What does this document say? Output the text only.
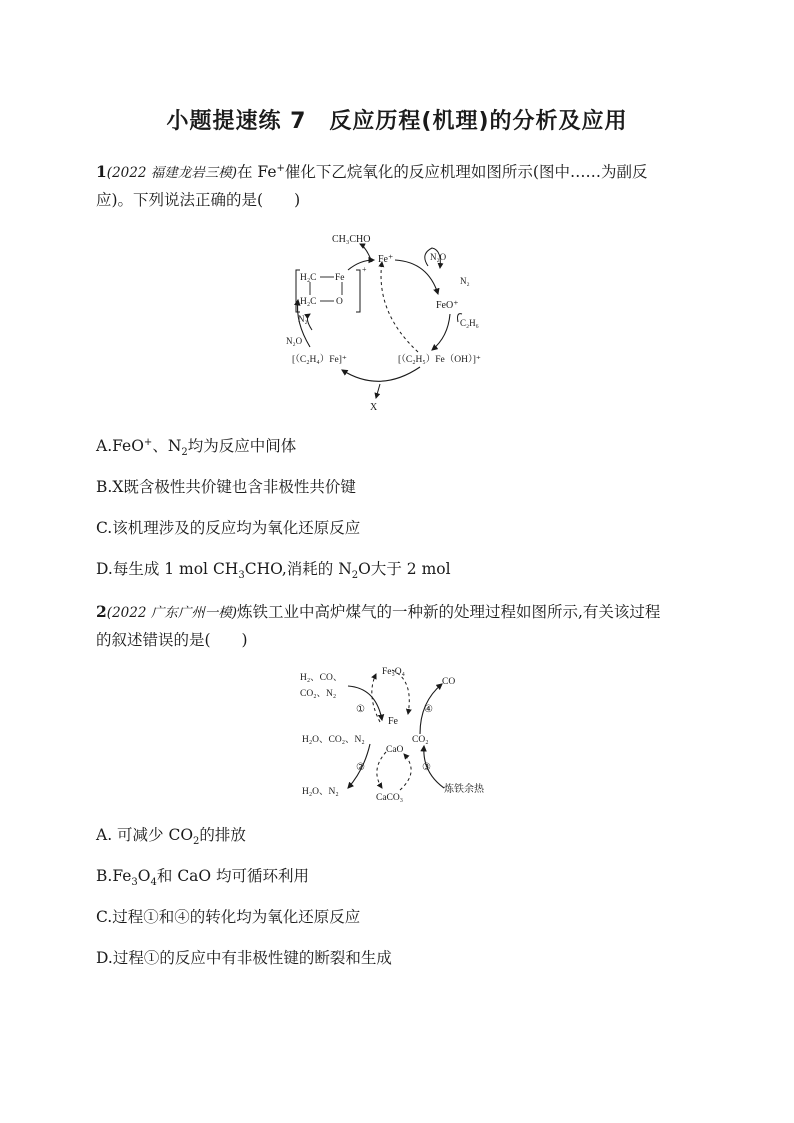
小题提速练 7　反应历程(机理)的分析及应用

1(2022 福建龙岩三模)在 Fe+催化下乙烷氧化的反应机理如图所示(图中……为副反
应)。下列说法正确的是(　　)

CH₃CHO
Fe⁺	N₂O
N₂
FeO⁺
C₂H₆
H₂C Fe
H₂C O
+
N₂
N₂O
[（C₂H₄）Fe]⁺	[（C₂H₅）Fe（OH）]⁺
X

A.FeO+、$N_2$均为反应中间体

B.X既含极性共价键也含非极性共价键

C.该机理涉及的反应均为氧化还原反应

D.每生成 1 mol $CH_3CHO$,消耗的 $N_2O$大于 2 mol

2(2022 广东广州一模)炼铁工业中高炉煤气的一种新的处理过程如图所示,有关该过程
的叙述错误的是(　　)

H₂、CO、
CO₂、N₂
Fe₃O₄
CO
①	④
Fe
H₂O、CO₂、N₂
CaO
CO₂
②	③
H₂O、N₂
CaCO₃
炼铁余热

A. 可减少 $CO_2$的排放

$B.Fe_3O_4$和 CaO 均可循环利用

C.过程①和④的转化均为氧化还原反应

D.过程①的反应中有非极性键的断裂和生成
